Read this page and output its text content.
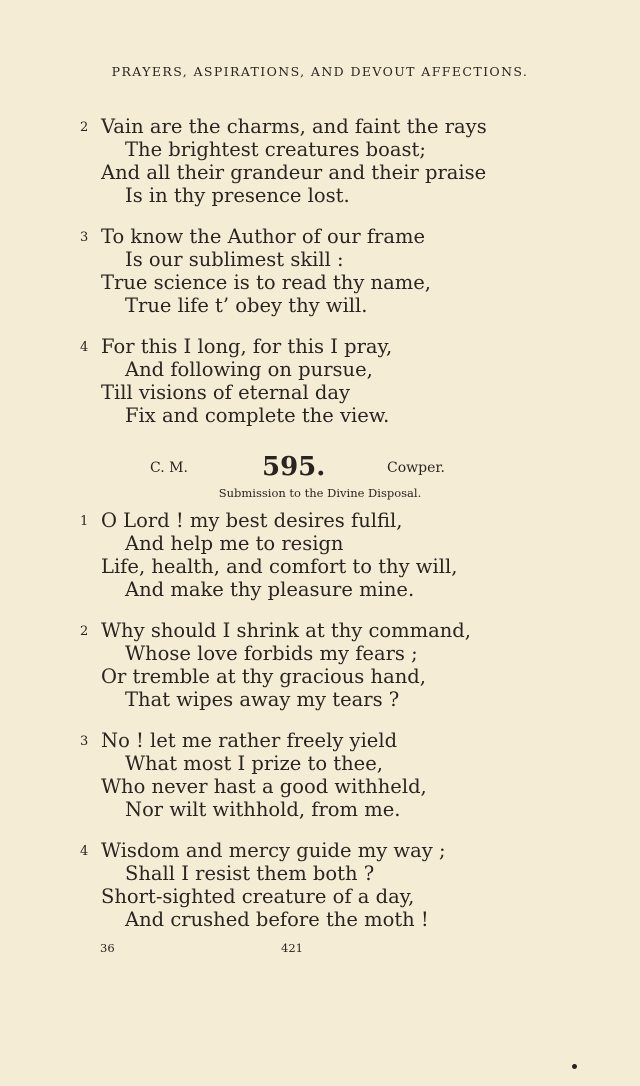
PRAYERS, ASPIRATIONS, AND DEVOUT AFFECTIONS.
2 Vain are the charms, and faint the rays
The brightest creatures boast;
And all their grandeur and their praise
Is in thy presence lost.
3 To know the Author of our frame
Is our sublimest skill :
True science is to read thy name,
True life t’ obey thy will.
4 For this I long, for this I pray,
And following on pursue,
Till visions of eternal day
Fix and complete the view.
C. M.	595.	Cowper.
Submission to the Divine Disposal.
1 O Lord ! my best desires fulfil,
And help me to resign
Life, health, and comfort to thy will,
And make thy pleasure mine.
2 Why should I shrink at thy command,
Whose love forbids my fears ;
Or tremble at thy gracious hand,
That wipes away my tears ?
3 No ! let me rather freely yield
What most I prize to thee,
Who never hast a good withheld,
Nor wilt withhold, from me.
4 Wisdom and mercy guide my way ;
Shall I resist them both ?
Short-sighted creature of a day,
And crushed before the moth !
36	421
